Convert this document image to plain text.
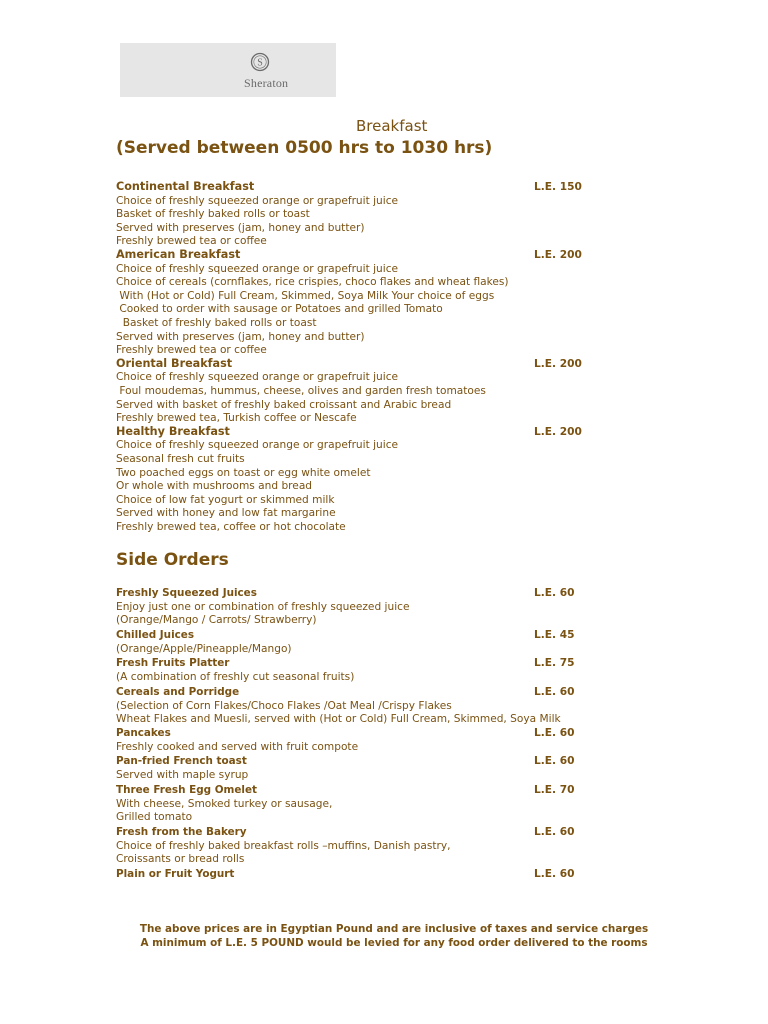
S
Sheraton
Breakfast
(Served between 0500 hrs to 1030 hrs)
Continental Breakfast	L.E. 150
Choice of freshly squeezed orange or grapefruit juice
Basket of freshly baked rolls or toast
Served with preserves (jam, honey and butter)
Freshly brewed tea or coffee
American Breakfast	L.E. 200
Choice of freshly squeezed orange or grapefruit juice
Choice of cereals (cornflakes, rice crispies, choco flakes and wheat flakes)
With (Hot or Cold) Full Cream, Skimmed, Soya Milk Your choice of eggs
Cooked to order with sausage or Potatoes and grilled Tomato
Basket of freshly baked rolls or toast
Served with preserves (jam, honey and butter)
Freshly brewed tea or coffee
Oriental Breakfast	L.E. 200
Choice of freshly squeezed orange or grapefruit juice
Foul moudemas, hummus, cheese, olives and garden fresh tomatoes
Served with basket of freshly baked croissant and Arabic bread
Freshly brewed tea, Turkish coffee or Nescafe
Healthy Breakfast	L.E. 200
Choice of freshly squeezed orange or grapefruit juice
Seasonal fresh cut fruits
Two poached eggs on toast or egg white omelet
Or whole with mushrooms and bread
Choice of low fat yogurt or skimmed milk
Served with honey and low fat margarine
Freshly brewed tea, coffee or hot chocolate
Side Orders
Freshly Squeezed Juices	L.E. 60
Enjoy just one or combination of freshly squeezed juice
(Orange/Mango / Carrots/ Strawberry)
Chilled Juices	L.E. 45
(Orange/Apple/Pineapple/Mango)
Fresh Fruits Platter	L.E. 75
(A combination of freshly cut seasonal fruits)
Cereals and Porridge	L.E. 60
(Selection of Corn Flakes/Choco Flakes /Oat Meal /Crispy Flakes
Wheat Flakes and Muesli, served with (Hot or Cold) Full Cream, Skimmed, Soya Milk
Pancakes	L.E. 60
Freshly cooked and served with fruit compote
Pan-fried French toast	L.E. 60
Served with maple syrup
Three Fresh Egg Omelet	L.E. 70
With cheese, Smoked turkey or sausage,
Grilled tomato
Fresh from the Bakery	L.E. 60
Choice of freshly baked breakfast rolls –muffins, Danish pastry,
Croissants or bread rolls
Plain or Fruit Yogurt	L.E. 60
The above prices are in Egyptian Pound and are inclusive of taxes and service charges
A minimum of L.E. 5 POUND would be levied for any food order delivered to the rooms
